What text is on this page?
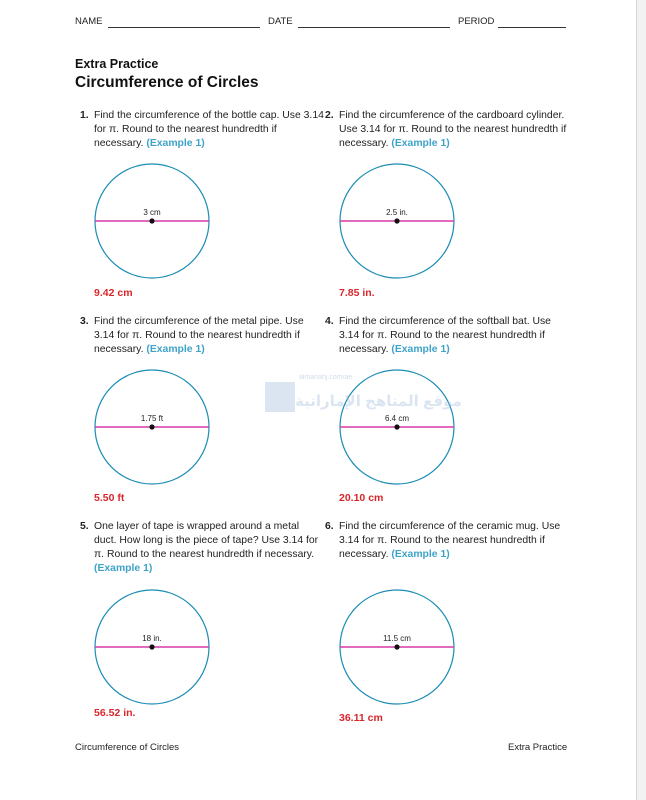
NAME	DATE	PERIOD
Extra Practice
Circumference of Circles
1. Find the circumference of the bottle cap. Use 3.14 for π. Round to the nearest hundredth if necessary. (Example 1)
3 cm
9.42 cm
2. Find the circumference of the cardboard cylinder. Use 3.14 for π. Round to the nearest hundredth if necessary. (Example 1)
2.5 in.
7.85 in.
3. Find the circumference of the metal pipe. Use 3.14 for π. Round to the nearest hundredth if necessary. (Example 1)
1.75 ft
5.50 ft
4. Find the circumference of the softball bat. Use 3.14 for π. Round to the nearest hundredth if necessary. (Example 1)
6.4 cm
20.10 cm
5. One layer of tape is wrapped around a metal duct. How long is the piece of tape? Use 3.14 for π. Round to the nearest hundredth if necessary. (Example 1)
18 in.
56.52 in.
6. Find the circumference of the ceramic mug. Use 3.14 for π. Round to the nearest hundredth if necessary. (Example 1)
11.5 cm
36.11 cm
almanahj.com/ae
موقع المناهج الإماراتية
Circumference of Circles	Extra Practice
